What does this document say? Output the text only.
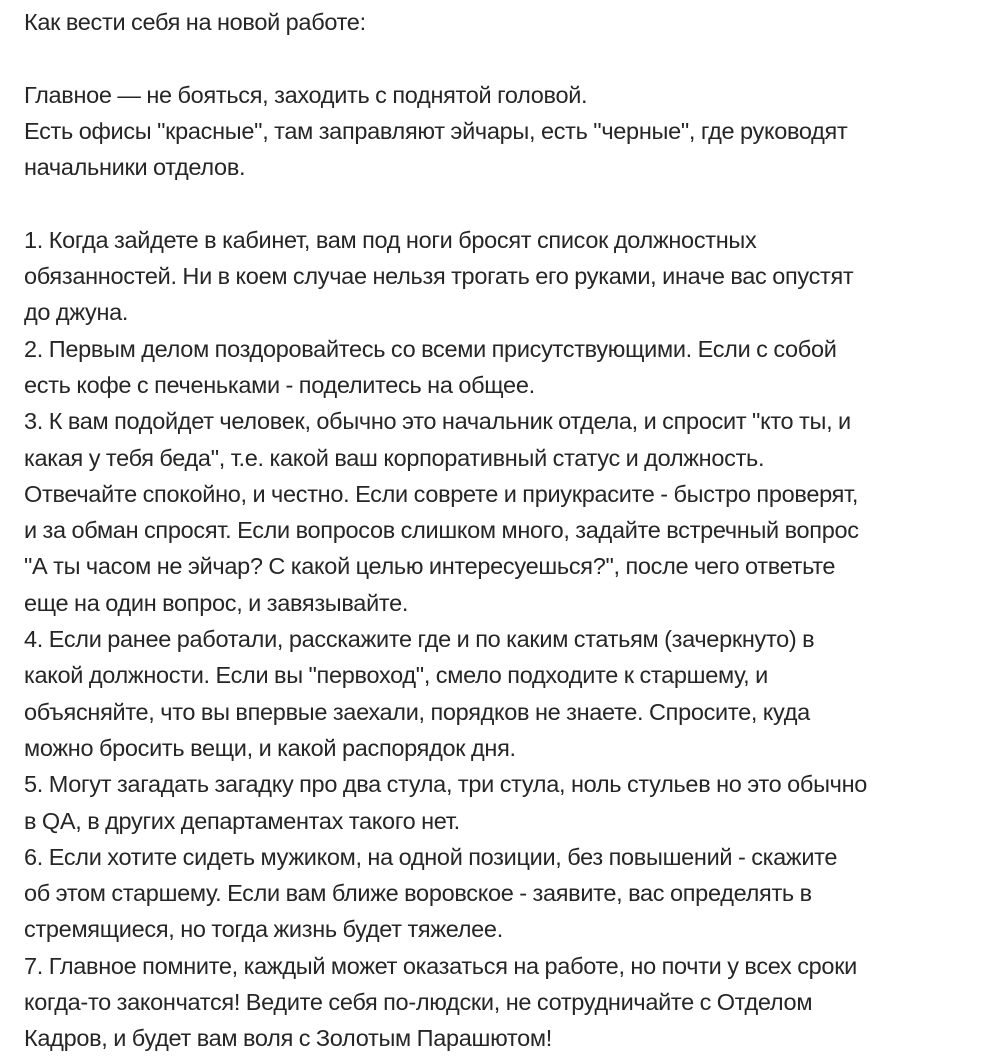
Как вести себя на новой работе:
Главное — не бояться, заходить с поднятой головой.
Есть офисы "красные", там заправляют эйчары, есть "черные", где руководят
начальники отделов.
1. Когда зайдете в кабинет, вам под ноги бросят список должностных
обязанностей. Ни в коем случае нельзя трогать его руками, иначе вас опустят
до джуна.
2. Первым делом поздоровайтесь со всеми присутствующими. Если с собой
есть кофе с печеньками - поделитесь на общее.
3. К вам подойдет человек, обычно это начальник отдела, и спросит "кто ты, и
какая у тебя беда", т.е. какой ваш корпоративный статус и должность.
Отвечайте спокойно, и честно. Если соврете и приукрасите - быстро проверят,
и за обман спросят. Если вопросов слишком много, задайте встречный вопрос
"А ты часом не эйчар? С какой целью интересуешься?", после чего ответьте
еще на один вопрос, и завязывайте.
4. Если ранее работали, расскажите где и по каким статьям (зачеркнуто) в
какой должности. Если вы "первоход", смело подходите к старшему, и
объясняйте, что вы впервые заехали, порядков не знаете. Спросите, куда
можно бросить вещи, и какой распорядок дня.
5. Могут загадать загадку про два стула, три стула, ноль стульев но это обычно
в QA, в других департаментах такого нет.
6. Если хотите сидеть мужиком, на одной позиции, без повышений - скажите
об этом старшему. Если вам ближе воровское - заявите, вас определять в
стремящиеся, но тогда жизнь будет тяжелее.
7. Главное помните, каждый может оказаться на работе, но почти у всех сроки
когда-то закончатся! Ведите себя по-людски, не сотрудничайте с Отделом
Кадров, и будет вам воля с Золотым Парашютом!
